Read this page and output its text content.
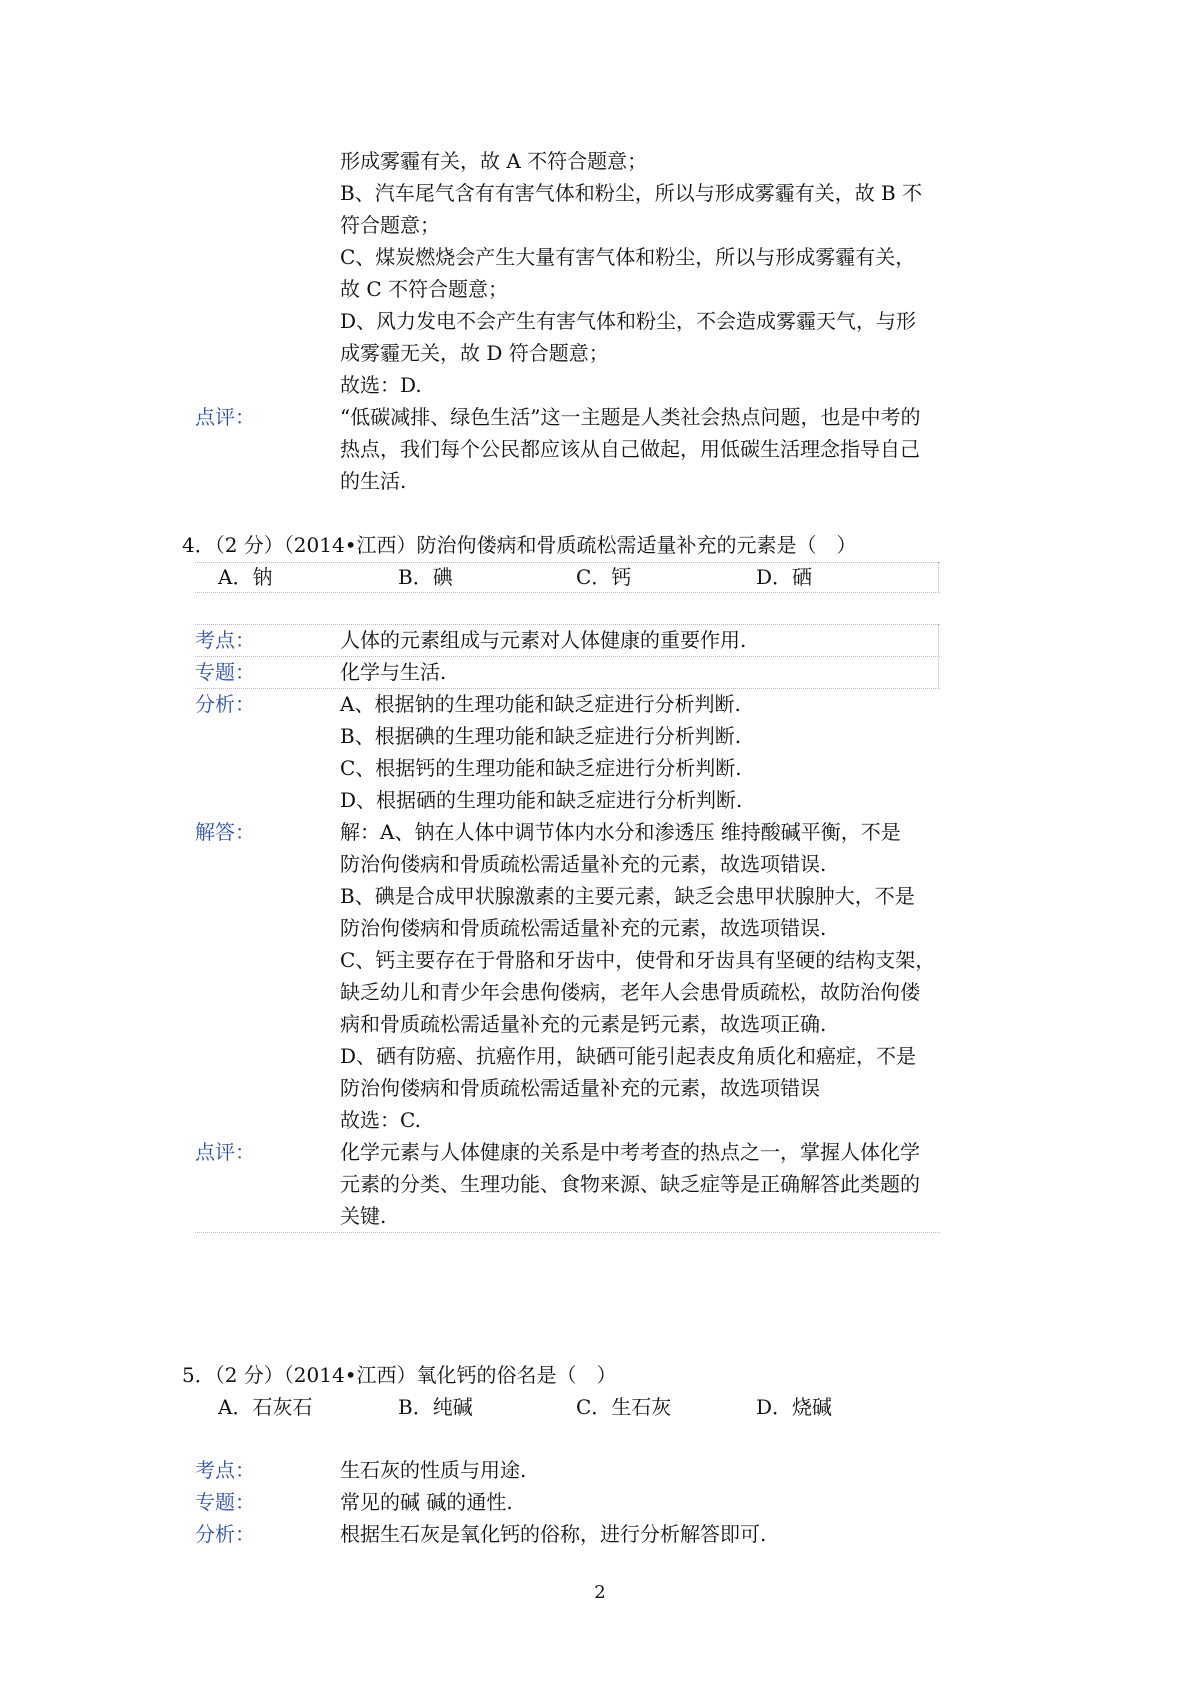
形成雾霾有关，故 A 不符合题意；
B、汽车尾气含有有害气体和粉尘，所以与形成雾霾有关，故 B 不
符合题意；
C、煤炭燃烧会产生大量有害气体和粉尘，所以与形成雾霾有关，
故 C 不符合题意；
D、风力发电不会产生有害气体和粉尘，不会造成雾霾天气，与形
成雾霾无关，故 D 符合题意；
故选：D.
点评：	“低碳减排、绿色生活”这一主题是人类社会热点问题，也是中考的
热点，我们每个公民都应该从自己做起，用低碳生活理念指导自己
的生活.
4．（2 分）（2014•江西）防治佝偻病和骨质疏松需适量补充的元素是（　）
A．钠	B．碘	C．钙	D．硒
考点：	人体的元素组成与元素对人体健康的重要作用.
专题：	化学与生活.
分析：	A、根据钠的生理功能和缺乏症进行分析判断.
B、根据碘的生理功能和缺乏症进行分析判断.
C、根据钙的生理功能和缺乏症进行分析判断.
D、根据硒的生理功能和缺乏症进行分析判断.
解答：	解：A、钠在人体中调节体内水分和渗透压 维持酸碱平衡，不是
防治佝偻病和骨质疏松需适量补充的元素，故选项错误.
B、碘是合成甲状腺激素的主要元素，缺乏会患甲状腺肿大，不是
防治佝偻病和骨质疏松需适量补充的元素，故选项错误.
C、钙主要存在于骨胳和牙齿中，使骨和牙齿具有坚硬的结构支架，
缺乏幼儿和青少年会患佝偻病，老年人会患骨质疏松，故防治佝偻
病和骨质疏松需适量补充的元素是钙元素，故选项正确.
D、硒有防癌、抗癌作用，缺硒可能引起表皮角质化和癌症，不是
防治佝偻病和骨质疏松需适量补充的元素，故选项错误
故选：C.
点评：	化学元素与人体健康的关系是中考考查的热点之一，掌握人体化学
元素的分类、生理功能、食物来源、缺乏症等是正确解答此类题的
关键.
5．（2 分）（2014•江西）氧化钙的俗名是（　）
A．石灰石	B．纯碱	C．生石灰	D．烧碱
考点：	生石灰的性质与用途.
专题：	常见的碱 碱的通性.
分析：	根据生石灰是氧化钙的俗称，进行分析解答即可.
2
